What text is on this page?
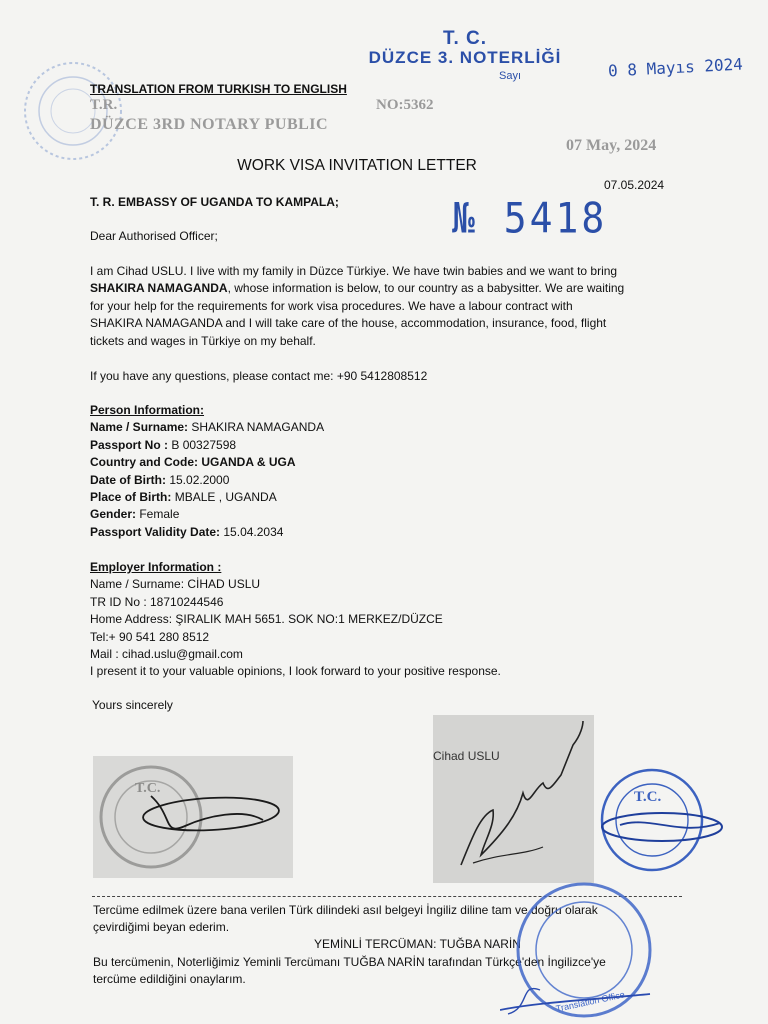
T. C.
DÜZCE 3. NOTERLİĞİ
Sayı	0 8 Mayıs 2024
№ 5418
TRANSLATION FROM TURKISH TO ENGLISH
T.R.
DÜZCE 3RD NOTARY PUBLIC
NO:5362
07 May, 2024
WORK VISA INVITATION LETTER
07.05.2024
T. R. EMBASSY OF UGANDA TO KAMPALA;
Dear Authorised Officer;
I am Cihad USLU. I live with my family in Düzce Türkiye. We have twin babies and we want to bring
SHAKIRA NAMAGANDA, whose information is below, to our country as a babysitter. We are waiting
for your help for the requirements for work visa procedures. We have a labour contract with
SHAKIRA NAMAGANDA and I will take care of the house, accommodation, insurance, food, flight
tickets and wages in Türkiye on my behalf.
If you have any questions, please contact me: +90 5412808512
Person Information:
Name / Surname: SHAKIRA NAMAGANDA
Passport No : B 00327598
Country and Code: UGANDA & UGA
Date of Birth: 15.02.2000
Place of Birth: MBALE , UGANDA
Gender: Female
Passport Validity Date: 15.04.2034
Employer Information :
Name / Surname: CİHAD USLU
TR ID No : 18710244546
Home Address: ŞIRALIK MAH 5651. SOK NO:1 MERKEZ/DÜZCE
Tel:+ 90 541 280 8512
Mail : cihad.uslu@gmail.com
I present it to your valuable opinions, I look forward to your positive response.
Yours sincerely
T.C.
Cihad USLU
T.C.
Tercüme edilmek üzere bana verilen Türk dilindeki asıl belgeyi İngiliz diline tam ve doğru olarak
çevirdiğimi beyan ederim.
YEMİNLİ TERCÜMAN: TUĞBA NARİN
Bu tercümenin, Noterliğimiz Yeminli Tercümanı TUĞBA NARİN tarafından Türkçe'den İngilizce'ye
tercüme edildiğini onaylarım.
Translation Office
